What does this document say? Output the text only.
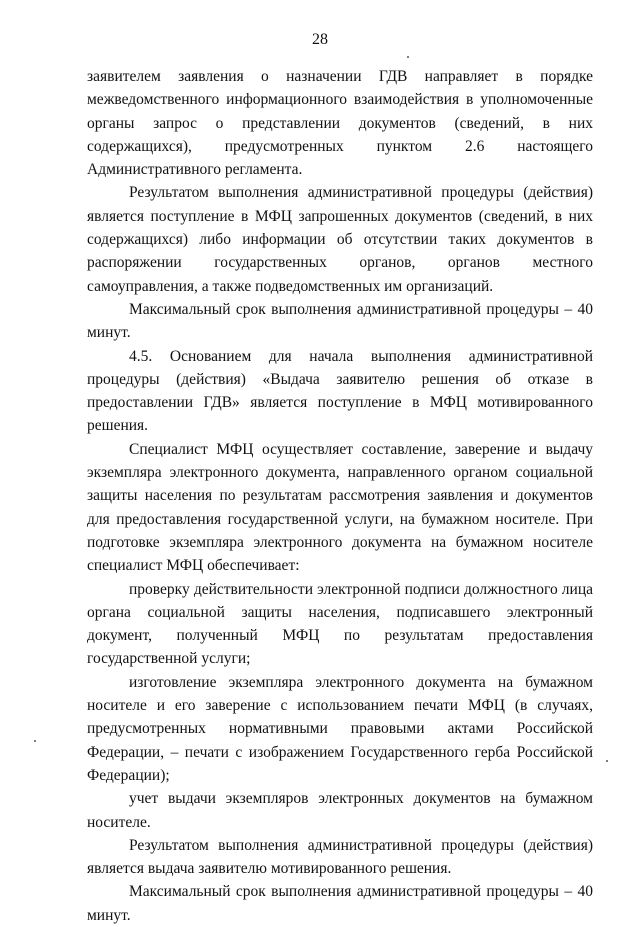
28

заявителем заявления о назначении ГДВ направляет в порядке межведомственного информационного взаимодействия в уполномоченные органы запрос о представлении документов (сведений, в них содержащихся), предусмотренных пунктом 2.6 настоящего Административного регламента.

Результатом выполнения административной процедуры (действия) является поступление в МФЦ запрошенных документов (сведений, в них содержащихся) либо информации об отсутствии таких документов в распоряжении государственных органов, органов местного самоуправления, а также подведомственных им организаций.

Максимальный срок выполнения административной процедуры – 40 минут.

4.5. Основанием для начала выполнения административной процедуры (действия) «Выдача заявителю решения об отказе в предоставлении ГДВ» является поступление в МФЦ мотивированного решения.

Специалист МФЦ осуществляет составление, заверение и выдачу экземпляра электронного документа, направленного органом социальной защиты населения по результатам рассмотрения заявления и документов для предоставления государственной услуги, на бумажном носителе. При подготовке экземпляра электронного документа на бумажном носителе специалист МФЦ обеспечивает:

проверку действительности электронной подписи должностного лица органа социальной защиты населения, подписавшего электронный документ, полученный МФЦ по результатам предоставления государственной услуги;

изготовление экземпляра электронного документа на бумажном носителе и его заверение с использованием печати МФЦ (в случаях, предусмотренных нормативными правовыми актами Российской Федерации, – печати с изображением Государственного герба Российской Федерации);

учет выдачи экземпляров электронных документов на бумажном носителе.

Результатом выполнения административной процедуры (действия) является выдача заявителю мотивированного решения.

Максимальный срок выполнения административной процедуры – 40 минут.
